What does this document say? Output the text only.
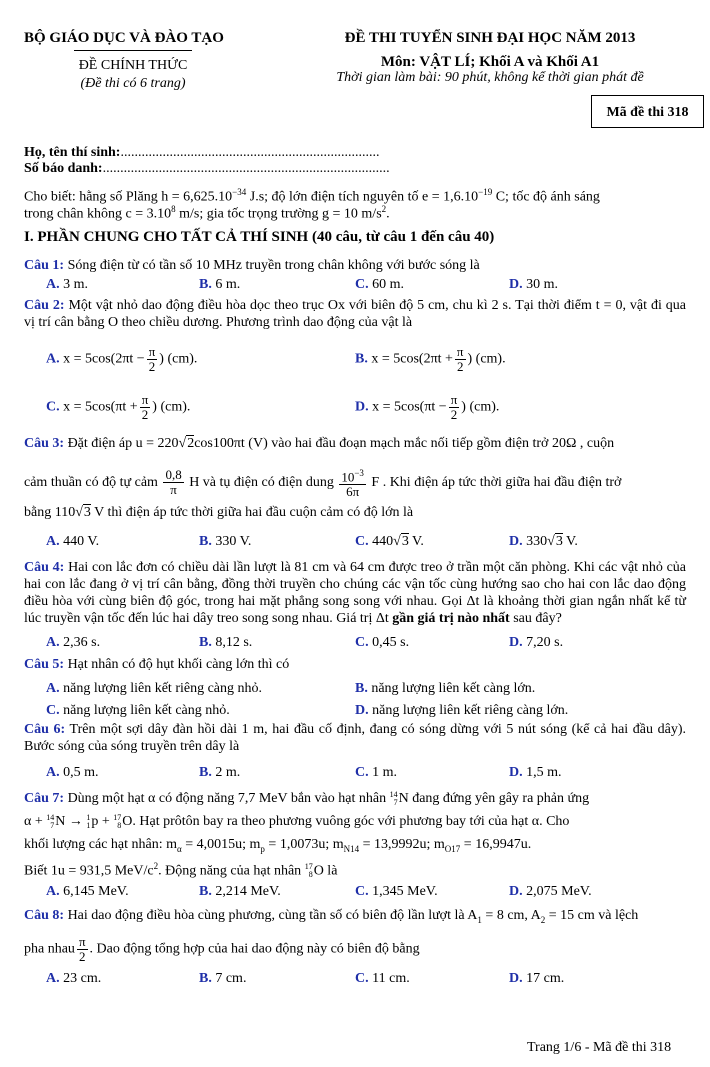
BỘ GIÁO DỤC VÀ ĐÀO TẠO
ĐỀ CHÍNH THỨC
(Đề thi có 6 trang)
ĐỀ THI TUYỂN SINH ĐẠI HỌC NĂM 2013
Môn: VẬT LÍ; Khối A và Khối A1
Thời gian làm bài: 90 phút, không kể thời gian phát đề
Mã đề thi 318
Họ, tên thí sinh:..........................................................................
Số báo danh:..................................................................................
Cho biết: hằng số Plăng $h = 6,625.10^{-34}$ J.s; độ lớn điện tích nguyên tố $e = 1,6.10^{-19}$ C; tốc độ ánh sáng
trong chân không $c = 3.10^8$ m/s; gia tốc trọng trường g = 10 $m/s^2$.
I. PHẦN CHUNG CHO TẤT CẢ THÍ SINH (40 câu, từ câu 1 đến câu 40)
Câu 1: Sóng điện từ có tần số 10 MHz truyền trong chân không với bước sóng là
A. 3 m.	B. 6 m.	C. 60 m.	D. 30 m.
Câu 2: Một vật nhỏ dao động điều hòa dọc theo trục Ox với biên độ 5 cm, chu kì 2 s. Tại thời điểm t = 0, vật đi qua vị trí cân bằng O theo chiều dương. Phương trình dao động của vật là
A. $x = 5\cos(2\pi t - \frac{\pi}{2}$ ) (cm).	B. $x = 5\cos(2\pi t + \frac{\pi}{2}$ ) (cm).
C. $x = 5\cos(\pi t + \frac{\pi}{2}$ ) (cm).	D. $x = 5\cos(\pi t - \frac{\pi}{2}$ ) (cm).
Câu 3: Đặt điện áp u = 220√2cos100πt (V) vào hai đầu đoạn mạch mắc nối tiếp gồm điện trở 20Ω , cuộn
cảm thuần có độ tự cảm $\frac{0,8}{\pi}$ H và tụ điện có điện dung $\frac{10^{-3}}{6\pi}$ F . Khi điện áp tức thời giữa hai đầu điện trở
bằng 110√3 V thì điện áp tức thời giữa hai đầu cuộn cảm có độ lớn là
A. 440 V.	B. 330 V.	C. 440√3 V.	D. 330√3 V.
Câu 4: Hai con lắc đơn có chiều dài lần lượt là 81 cm và 64 cm được treo ở trần một căn phòng. Khi các vật nhỏ của hai con lắc đang ở vị trí cân bằng, đồng thời truyền cho chúng các vận tốc cùng hướng sao cho hai con lắc dao động điều hòa với cùng biên độ góc, trong hai mặt phẳng song song với nhau. Gọi Δt là khoảng thời gian ngắn nhất kể từ lúc truyền vận tốc đến lúc hai dây treo song song nhau. Giá trị Δt gần giá trị nào nhất sau đây?
A. 2,36 s.	B. 8,12 s.	C. 0,45 s.	D. 7,20 s.
Câu 5: Hạt nhân có độ hụt khối càng lớn thì có
A. năng lượng liên kết riêng càng nhỏ.	B. năng lượng liên kết càng lớn.
C. năng lượng liên kết càng nhỏ.	D. năng lượng liên kết riêng càng lớn.
Câu 6: Trên một sợi dây đàn hồi dài 1 m, hai đầu cố định, đang có sóng dừng với 5 nút sóng (kể cả hai đầu dây). Bước sóng của sóng truyền trên dây là
A. 0,5 m.	B. 2 m.	C. 1 m.	D. 1,5 m.
Câu 7: Dùng một hạt α có động năng 7,7 MeV bắn vào hạt nhân 14
7 N đang đứng yên gây ra phản ứng
α + 14
7 N → 1
1 p + 17
8 O. Hạt prôtôn bay ra theo phương vuông góc với phương bay tới của hạt α. Cho
khối lượng các hạt nhân: $m_\alpha = 4,0015u$; $m_p = 1,0073u$; $m_{N14} = 13,9992u$; $m_{O17} = 16,9947u$.
Biết 1u = 931,5 MeV/$c^2$. Động năng của hạt nhân 17
8 O là
A. 6,145 MeV.	B. 2,214 MeV.	C. 1,345 MeV.	D. 2,075 MeV.
Câu 8: Hai dao động điều hòa cùng phương, cùng tần số có biên độ lần lượt là $A_1 = 8$ cm, $A_2 = 15$ cm và lệch
pha nhau $\frac{\pi}{2}$ . Dao động tổng hợp của hai dao động này có biên độ bằng
A. 23 cm.	B. 7 cm.	C. 11 cm.	D. 17 cm.
Trang 1/6 - Mã đề thi 318
